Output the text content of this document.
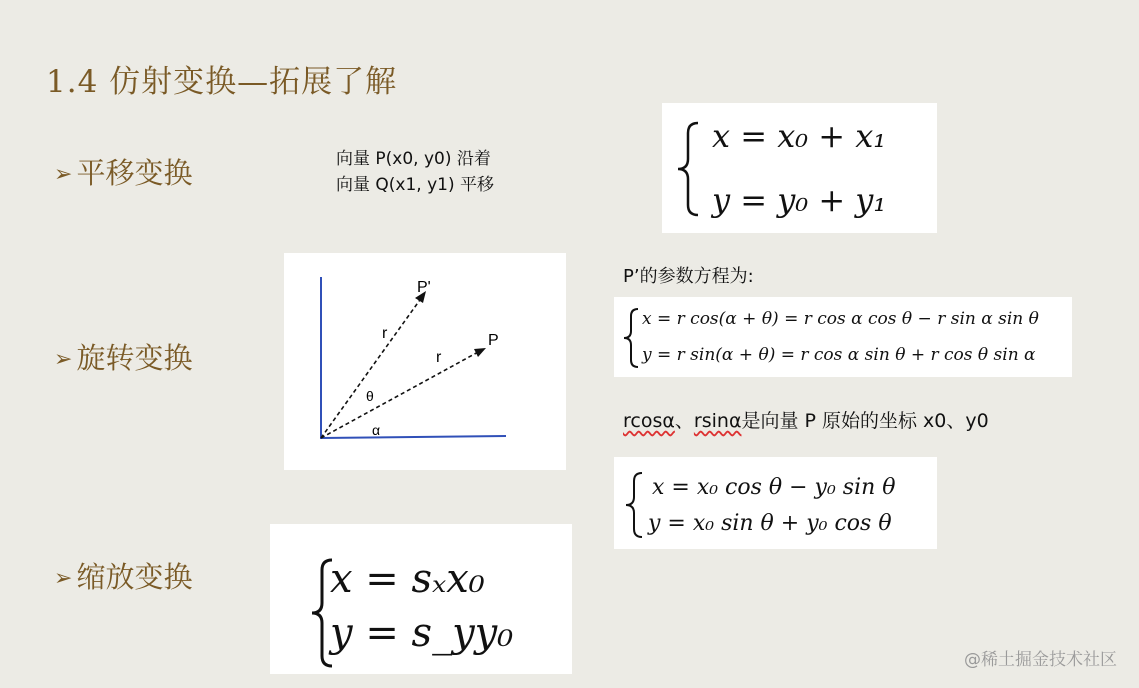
1.4 仿射变换—拓展了解
➢ 平移变换
➢ 旋转变换
➢ 缩放变换
向量 P(x0, y0) 沿着
向量 Q(x1, y1) 平移
x = x₀ + x₁
y = y₀ + y₁
P'
P
r
r
θ
α
P’的参数方程为:
x = r cos(α + θ) = r cos α cos θ − r sin α sin θ
y = r sin(α + θ) = r cos α sin θ + r cos θ sin α
rcosα、rsinα是向量 P 原始的坐标 x0、y0
x = x₀ cos θ − y₀ sin θ
y = x₀ sin θ + y₀ cos θ
x = sₓx₀
y = s_yy₀
@稀土掘金技术社区
